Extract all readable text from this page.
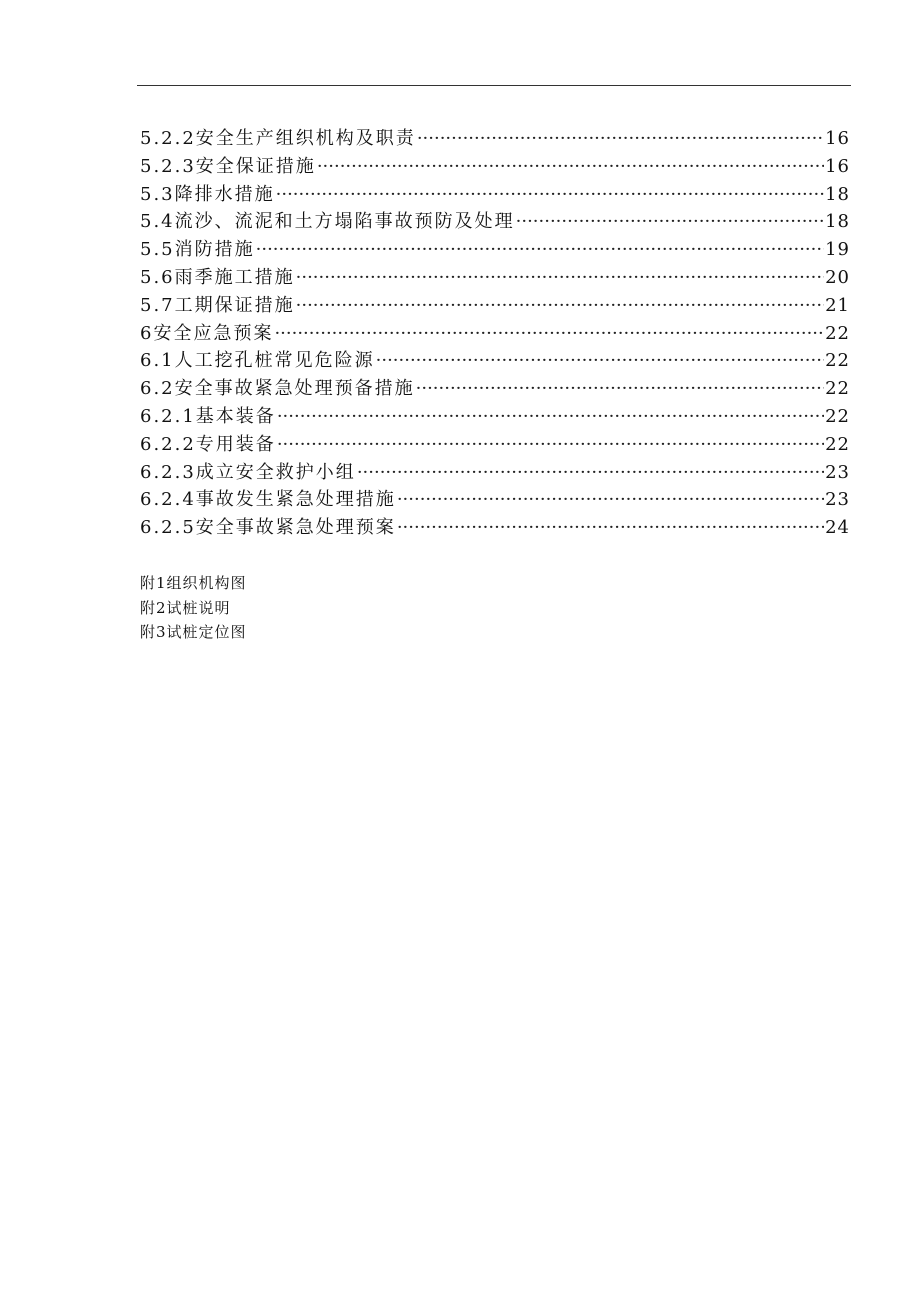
5.2.2安全生产组织机构及职责 ·····	16
5.2.3安全保证措施 ·····	16
5.3降排水措施 ·····	18
5.4流沙、流泥和土方塌陷事故预防及处理 ·····	18
5.5消防措施 ·····	19
5.6雨季施工措施 ·····	20
5.7工期保证措施 ·····	21
6安全应急预案 ·····	22
6.1人工挖孔桩常见危险源 ·····	22
6.2安全事故紧急处理预备措施 ·····	22
6.2.1基本装备 ·····	22
6.2.2专用装备 ·····	22
6.2.3成立安全救护小组 ·····	23
6.2.4事故发生紧急处理措施 ·····	23
6.2.5安全事故紧急处理预案 ·····	24
附1组织机构图
附2试桩说明
附3试桩定位图
